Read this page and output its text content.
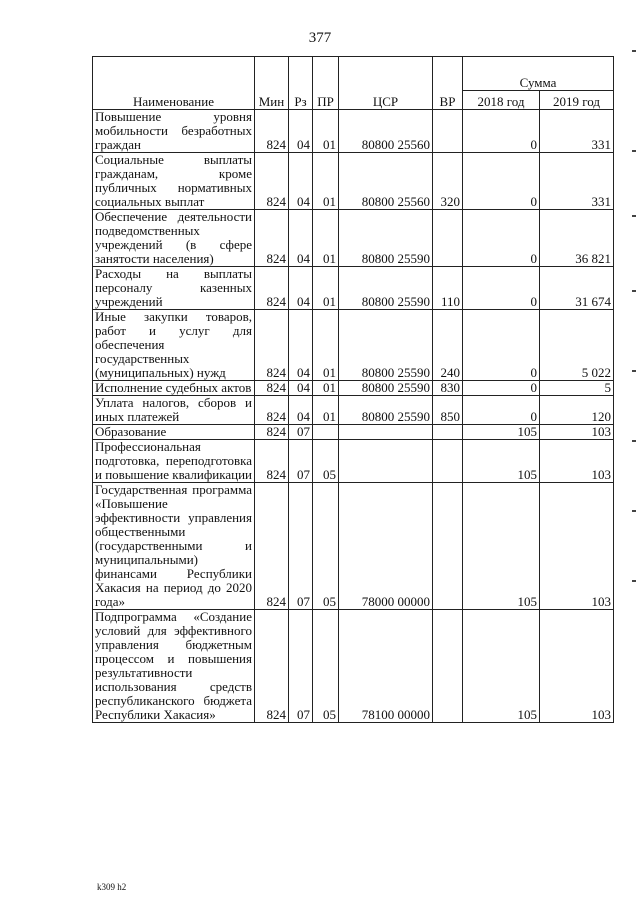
377
Наименование	Мин	Рз	ПР	ЦСР	ВР	Сумма	
						2018 год	2019 год
Повышение уровня мобильности безработных граждан	824	04	01	80800 25560		0	331
Социальные выплаты гражданам, кроме публичных нормативных социальных выплат	824	04	01	80800 25560	320	0	331
Обеспечение деятельности подведомственных учреждений (в сфере занятости населения)	824	04	01	80800 25590		0	36 821
Расходы на выплаты персоналу казенных учреждений	824	04	01	80800 25590	110	0	31 674
Иные закупки товаров, работ и услуг для обеспечения государственных (муниципальных) нужд	824	04	01	80800 25590	240	0	5 022
Исполнение судебных актов	824	04	01	80800 25590	830	0	5
Уплата налогов, сборов и иных платежей	824	04	01	80800 25590	850	0	120
Образование	824	07				105	103
Профессиональная подготовка, переподготовка и повышение квалификации	824	07	05			105	103
Государственная программа «Повышение эффективности управления общественными (государственными и муниципальными) финансами Республики Хакасия на период до 2020 года»	824	07	05	78000 00000		105	103
Подпрограмма «Создание условий для эффективного управления бюджетным процессом и повышения результативности использования средств республиканского бюджета Республики Хакасия»	824	07	05	78100 00000		105	103
k309 h2
